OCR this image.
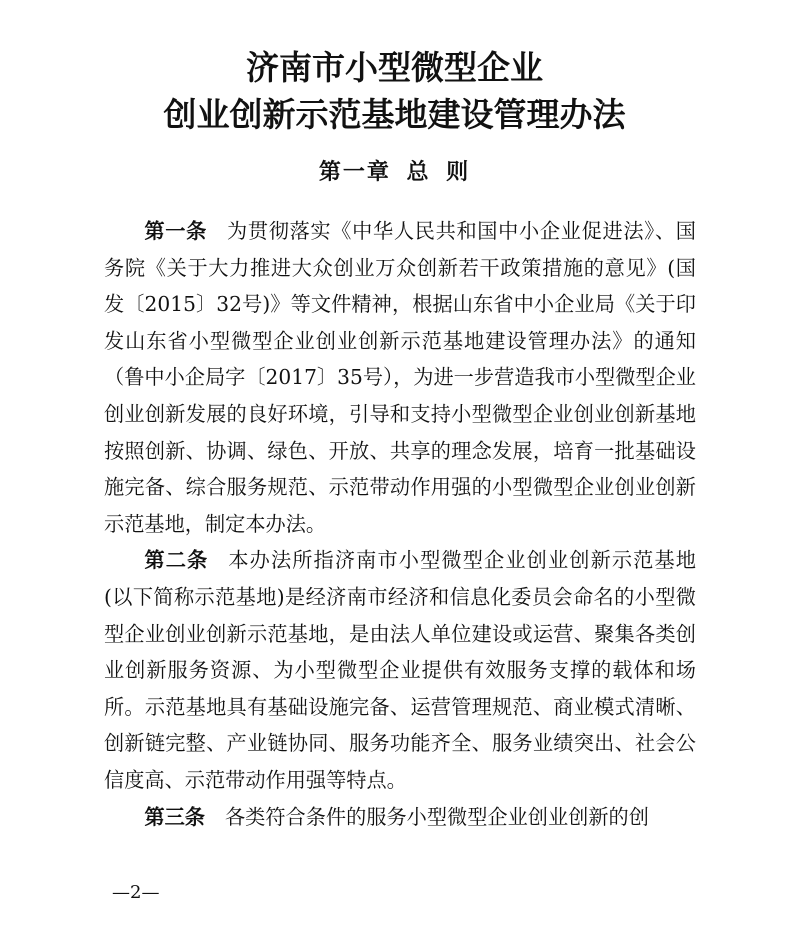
济南市小型微型企业
创业创新示范基地建设管理办法
第一章 总 则

第一条 为贯彻落实《中华人民共和国中小企业促进法》、国务院《关于大力推进大众创业万众创新若干政策措施的意见》(国发〔2015〕32号)》等文件精神，根据山东省中小企业局《关于印发山东省小型微型企业创业创新示范基地建设管理办法》的通知（鲁中小企局字〔2017〕35号），为进一步营造我市小型微型企业创业创新发展的良好环境，引导和支持小型微型企业创业创新基地按照创新、协调、绿色、开放、共享的理念发展，培育一批基础设施完备、综合服务规范、示范带动作用强的小型微型企业创业创新示范基地，制定本办法。

第二条 本办法所指济南市小型微型企业创业创新示范基地(以下简称示范基地)是经济南市经济和信息化委员会命名的小型微型企业创业创新示范基地，是由法人单位建设或运营、聚集各类创业创新服务资源、为小型微型企业提供有效服务支撑的载体和场所。示范基地具有基础设施完备、运营管理规范、商业模式清晰、创新链完整、产业链协同、服务功能齐全、服务业绩突出、社会公信度高、示范带动作用强等特点。

第三条 各类符合条件的服务小型微型企业创业创新的创

—2—
